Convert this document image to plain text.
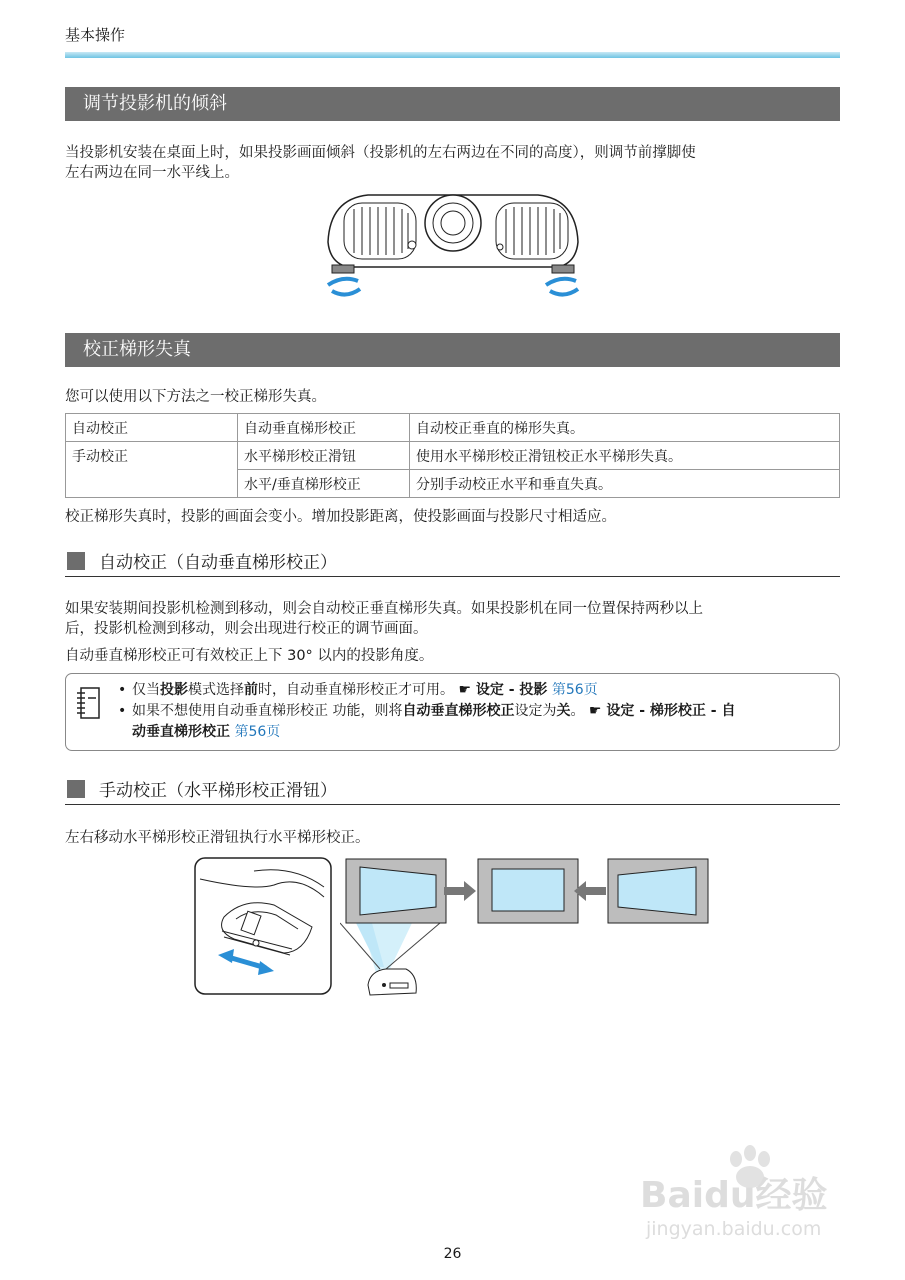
基本操作
调节投影机的倾斜
当投影机安装在桌面上时，如果投影画面倾斜（投影机的左右两边在不同的高度），则调节前撑脚使
左右两边在同一水平线上。
校正梯形失真
您可以使用以下方法之一校正梯形失真。
自动校正	自动垂直梯形校正	自动校正垂直的梯形失真。
手动校正	水平梯形校正滑钮	使用水平梯形校正滑钮校正水平梯形失真。
	水平/垂直梯形校正	分别手动校正水平和垂直失真。
校正梯形失真时，投影的画面会变小。增加投影距离，使投影画面与投影尺寸相适应。
自动校正（自动垂直梯形校正）
如果安装期间投影机检测到移动，则会自动校正垂直梯形失真。如果投影机在同一位置保持两秒以上
后，投影机检测到移动，则会出现进行校正的调节画面。
自动垂直梯形校正可有效校正上下 30° 以内的投影角度。
• 仅当投影模式选择前时，自动垂直梯形校正才可用。 ☛ 设定 - 投影 第56页
• 如果不想使用自动垂直梯形校正 功能，则将自动垂直梯形校正设定为关。 ☛ 设定 - 梯形校正 - 自
动垂直梯形校正 第56页
手动校正（水平梯形校正滑钮）
左右移动水平梯形校正滑钮执行水平梯形校正。
26
Baidu经验
jingyan.baidu.com
